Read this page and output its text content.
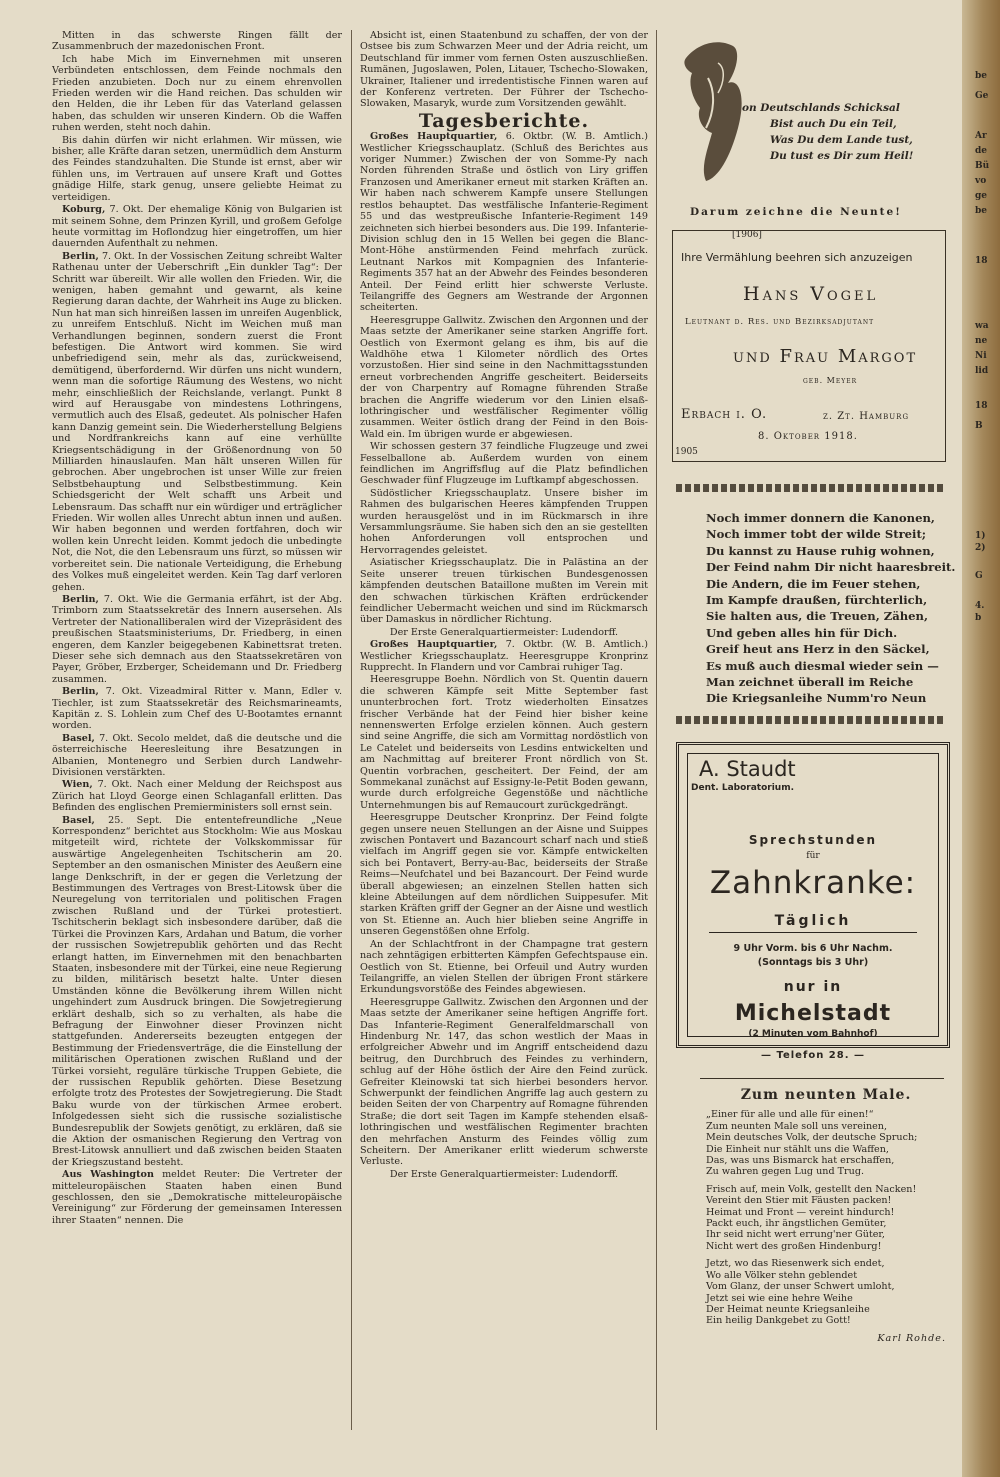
Mitten in das schwerste Ringen fällt der Zusammenbruch der mazedonischen Front.

Ich habe Mich im Einvernehmen mit unseren Verbündeten entschlossen, dem Feinde nochmals den Frieden anzubieten. Doch nur zu einem ehrenvollen Frieden werden wir die Hand reichen. Das schulden wir den Helden, die ihr Leben für das Vaterland gelassen haben, das schulden wir unseren Kindern. Ob die Waffen ruhen werden, steht noch dahin.

Bis dahin dürfen wir nicht erlahmen. Wir müssen, wie bisher, alle Kräfte daran setzen, unermüdlich dem Ansturm des Feindes standzuhalten. Die Stunde ist ernst, aber wir fühlen uns, im Vertrauen auf unsere Kraft und Gottes gnädige Hilfe, stark genug, unsere geliebte Heimat zu verteidigen.

Koburg, 7. Okt. Der ehemalige König von Bulgarien ist mit seinem Sohne, dem Prinzen Kyrill, und großem Gefolge heute vormittag im Hoflondzug hier eingetroffen, um hier dauernden Aufenthalt zu nehmen.

Berlin, 7. Okt. In der Vossischen Zeitung schreibt Walter Rathenau unter der Ueberschrift „Ein dunkler Tag“: Der Schritt war übereilt. Wir alle wollen den Frieden. Wir, die wenigen, haben gemahnt und gewarnt, als keine Regierung daran dachte, der Wahrheit ins Auge zu blicken. Nun hat man sich hinreißen lassen im unreifen Augenblick, zu unreifem Entschluß. Nicht im Weichen muß man Verhandlungen beginnen, sondern zuerst die Front befestigen. Die Antwort wird kommen. Sie wird unbefriedigend sein, mehr als das, zurückweisend, demütigend, überfordernd. Wir dürfen uns nicht wundern, wenn man die sofortige Räumung des Westens, wo nicht mehr, einschließlich der Reichslande, verlangt. Punkt 8 wird auf Herausgabe von mindestens Lothringens, vermutlich auch des Elsaß, gedeutet. Als polnischer Hafen kann Danzig gemeint sein. Die Wiederherstellung Belgiens und Nordfrankreichs kann auf eine verhüllte Kriegsentschädigung in der Größenordnung von 50 Milliarden hinauslaufen. Man hält unseren Willen für gebrochen. Aber ungebrochen ist unser Wille zur freien Selbstbehauptung und Selbstbestimmung. Kein Schiedsgericht der Welt schafft uns Arbeit und Lebensraum. Das schafft nur ein würdiger und erträglicher Frieden. Wir wollen alles Unrecht abtun innen und außen. Wir haben begonnen und werden fortfahren, doch wir wollen kein Unrecht leiden. Kommt jedoch die unbedingte Not, die Not, die den Lebensraum uns fürzt, so müssen wir vorbereitet sein. Die nationale Verteidigung, die Erhebung des Volkes muß eingeleitet werden. Kein Tag darf verloren gehen.

Berlin, 7. Okt. Wie die Germania erfährt, ist der Abg. Trimborn zum Staatssekretär des Innern ausersehen. Als Vertreter der Nationalliberalen wird der Vizepräsident des preußischen Staatsministeriums, Dr. Friedberg, in einen engeren, dem Kanzler beigegebenen Kabinettsrat treten. Dieser sehe sich demnach aus den Staatssekretären von Payer, Gröber, Erzberger, Scheidemann und Dr. Friedberg zusammen.

Berlin, 7. Okt. Vizeadmiral Ritter v. Mann, Edler v. Tiechler, ist zum Staatssekretär des Reichsmarineamts, Kapitän z. S. Lohlein zum Chef des U-Bootamtes ernannt worden.

Basel, 7. Okt. Secolo meldet, daß die deutsche und die österreichische Heeresleitung ihre Besatzungen in Albanien, Montenegro und Serbien durch Landwehr-Divisionen verstärkten.

Wien, 7. Okt. Nach einer Meldung der Reichspost aus Zürich hat Lloyd George einen Schlaganfall erlitten. Das Befinden des englischen Premierministers soll ernst sein.

Basel, 25. Sept. Die ententefreundliche „Neue Korrespondenz“ berichtet aus Stockholm: Wie aus Moskau mitgeteilt wird, richtete der Volkskommissar für auswärtige Angelegenheiten Tschitscherin am 20. September an den osmanischen Minister des Aeußern eine lange Denkschrift, in der er gegen die Verletzung der Bestimmungen des Vertrages von Brest-Litowsk über die Neuregelung von territorialen und politischen Fragen zwischen Rußland und der Türkei protestiert. Tschitscherin beklagt sich insbesondere darüber, daß die Türkei die Provinzen Kars, Ardahan und Batum, die vorher der russischen Sowjetrepublik gehörten und das Recht erlangt hatten, im Einvernehmen mit den benachbarten Staaten, insbesondere mit der Türkei, eine neue Regierung zu bilden, militärisch besetzt halte. Unter diesen Umständen könne die Bevölkerung ihrem Willen nicht ungehindert zum Ausdruck bringen. Die Sowjetregierung erklärt deshalb, sich so zu verhalten, als habe die Befragung der Einwohner dieser Provinzen nicht stattgefunden. Andererseits bezeugten entgegen der Bestimmung der Friedensverträge, die die Einstellung der militärischen Operationen zwischen Rußland und der Türkei vorsieht, reguläre türkische Truppen Gebiete, die der russischen Republik gehörten. Diese Besetzung erfolgte trotz des Protestes der Sowjetregierung. Die Stadt Baku wurde von der türkischen Armee erobert. Infolgedessen sieht sich die russische sozialistische Bundesrepublik der Sowjets genötigt, zu erklären, daß sie die Aktion der osmanischen Regierung den Vertrag von Brest-Litowsk annulliert und daß zwischen beiden Staaten der Kriegszustand besteht.

Aus Washington meldet Reuter: Die Vertreter der mitteleuropäischen Staaten haben einen Bund geschlossen, den sie „Demokratische mitteleuropäische Vereinigung“ zur Förderung der gemeinsamen Interessen ihrer Staaten“ nennen. Die

Absicht ist, einen Staatenbund zu schaffen, der von der Ostsee bis zum Schwarzen Meer und der Adria reicht, um Deutschland für immer vom fernen Osten auszuschließen. Rumänen, Jugoslawen, Polen, Litauer, Tschecho-Slowaken, Ukrainer, Italiener und irredentistische Finnen waren auf der Konferenz vertreten. Der Führer der Tschecho-Slowaken, Masaryk, wurde zum Vorsitzenden gewählt.

Tagesberichte.

Großes Hauptquartier, 6. Oktbr. (W. B. Amtlich.) Westlicher Kriegsschauplatz. (Schluß des Berichtes aus voriger Nummer.) Zwischen der von Somme-Py nach Norden führenden Straße und östlich von Liry griffen Franzosen und Amerikaner erneut mit starken Kräften an. Wir haben nach schwerem Kampfe unsere Stellungen restlos behauptet. Das westfälische Infanterie-Regiment 55 und das westpreußische Infanterie-Regiment 149 zeichneten sich hierbei besonders aus. Die 199. Infanterie-Division schlug den in 15 Wellen bei gegen die Blanc-Mont-Höhe anstürmenden Feind mehrfach zurück. Leutnant Narkos mit Kompagnien des Infanterie-Regiments 357 hat an der Abwehr des Feindes besonderen Anteil. Der Feind erlitt hier schwerste Verluste. Teilangriffe des Gegners am Westrande der Argonnen scheiterten.

Heeresgruppe Gallwitz. Zwischen den Argonnen und der Maas setzte der Amerikaner seine starken Angriffe fort. Oestlich von Exermont gelang es ihm, bis auf die Waldhöhe etwa 1 Kilometer nördlich des Ortes vorzustoßen. Hier sind seine in den Nachmittagsstunden erneut vorbrechenden Angriffe gescheitert. Beiderseits der von Charpentry auf Romagne führenden Straße brachen die Angriffe wiederum vor den Linien elsaß-lothringischer und westfälischer Regimenter völlig zusammen. Weiter östlich drang der Feind in den Bois-Wald ein. Im übrigen wurde er abgewiesen.

Wir schossen gestern 37 feindliche Flugzeuge und zwei Fesselballone ab. Außerdem wurden von einem feindlichen im Angriffsflug auf die Platz befindlichen Geschwader fünf Flugzeuge im Luftkampf abgeschossen.

Südöstlicher Kriegsschauplatz. Unsere bisher im Rahmen des bulgarischen Heeres kämpfenden Truppen wurden herausgelöst und in im Rückmarsch in ihre Versammlungsräume. Sie haben sich den an sie gestellten hohen Anforderungen voll entsprochen und Hervorragendes geleistet.

Asiatischer Kriegsschauplatz. Die in Palästina an der Seite unserer treuen türkischen Bundesgenossen kämpfenden deutschen Bataillone mußten im Verein mit den schwachen türkischen Kräften erdrückender feindlicher Uebermacht weichen und sind im Rückmarsch über Damaskus in nördlicher Richtung.

Der Erste Generalquartiermeister: Ludendorff.

Großes Hauptquartier, 7. Oktbr. (W. B. Amtlich.) Westlicher Kriegsschauplatz. Heeresgruppe Kronprinz Rupprecht. In Flandern und vor Cambrai ruhiger Tag.

Heeresgruppe Boehn. Nördlich von St. Quentin dauern die schweren Kämpfe seit Mitte September fast ununterbrochen fort. Trotz wiederholten Einsatzes frischer Verbände hat der Feind hier bisher keine nennenswerten Erfolge erzielen können. Auch gestern sind seine Angriffe, die sich am Vormittag nordöstlich von Le Catelet und beiderseits von Lesdins entwickelten und am Nachmittag auf breiterer Front nördlich von St. Quentin vorbrachen, gescheitert. Der Feind, der am Sommekanal zunächst auf Essigny-le-Petit Boden gewann, wurde durch erfolgreiche Gegenstöße und nächtliche Unternehmungen bis auf Remaucourt zurückgedrängt.

Heeresgruppe Deutscher Kronprinz. Der Feind folgte gegen unsere neuen Stellungen an der Aisne und Suippes zwischen Pontavert und Bazancourt scharf nach und stieß vielfach im Angriff gegen sie vor. Kämpfe entwickelten sich bei Pontavert, Berry-au-Bac, beiderseits der Straße Reims—Neufchatel und bei Bazancourt. Der Feind wurde überall abgewiesen; an einzelnen Stellen hatten sich kleine Abteilungen auf dem nördlichen Suippesufer. Mit starken Kräften griff der Gegner an der Aisne und westlich von St. Etienne an. Auch hier blieben seine Angriffe in unseren Gegenstößen ohne Erfolg.

An der Schlachtfront in der Champagne trat gestern nach zehntägigen erbitterten Kämpfen Gefechtspause ein. Oestlich von St. Etienne, bei Orfeuil und Autry wurden Teilangriffe, an vielen Stellen der übrigen Front stärkere Erkundungsvorstöße des Feindes abgewiesen.

Heeresgruppe Gallwitz. Zwischen den Argonnen und der Maas setzte der Amerikaner seine heftigen Angriffe fort. Das Infanterie-Regiment Generalfeldmarschall von Hindenburg Nr. 147, das schon westlich der Maas in erfolgreicher Abwehr und im Angriff entscheidend dazu beitrug, den Durchbruch des Feindes zu verhindern, schlug auf der Höhe östlich der Aire den Feind zurück. Gefreiter Kleinowski tat sich hierbei besonders hervor. Schwerpunkt der feindlichen Angriffe lag auch gestern zu beiden Seiten der von Charpentry auf Romagne führenden Straße; die dort seit Tagen im Kampfe stehenden elsaß-lothringischen und westfälischen Regimenter brachten den mehrfachen Ansturm des Feindes völlig zum Scheitern. Der Amerikaner erlitt wiederum schwerste Verluste.

Der Erste Generalquartiermeister: Ludendorff.

on Deutschlands Schicksal
Bist auch Du ein Teil,
Was Du dem Lande tust,
Du tust es Dir zum Heil!
Darum zeichne die Neunte!
[1906]
Ihre Vermählung beehren sich anzuzeigen
Hans Vogel
Leutnant d. Res. und Bezirksadjutant
und Frau Margot
geb. Meyer
Erbach i. O.	z. Zt. Hamburg
8. Oktober 1918.
1905
Noch immer donnern die Kanonen,
Noch immer tobt der wilde Streit;
Du kannst zu Hause ruhig wohnen,
Der Feind nahm Dir nicht haaresbreit.
Die Andern, die im Feuer stehen,
Im Kampfe draußen, fürchterlich,
Sie halten aus, die Treuen, Zähen,
Und geben alles hin für Dich.
Greif heut ans Herz in den Säckel,
Es muß auch diesmal wieder sein —
Man zeichnet überall im Reiche
Die Kriegsanleihe Numm'ro Neun
A. Staudt
Dent. Laboratorium.
Sprechstunden
für
Zahnkranke:
Täglich
9 Uhr Vorm. bis 6 Uhr Nachm.
(Sonntags bis 3 Uhr)
nur in
Michelstadt
(2 Minuten vom Bahnhof)
— Telefon 28. —
Zum neunten Male.
„Einer für alle und alle für einen!“
Zum neunten Male soll uns vereinen,
Mein deutsches Volk, der deutsche Spruch;
Die Einheit nur stählt uns die Waffen,
Das, was uns Bismarck hat erschaffen,
Zu wahren gegen Lug und Trug.
Frisch auf, mein Volk, gestellt den Nacken!
Vereint den Stier mit Fäusten packen!
Heimat und Front — vereint hindurch!
Packt euch, ihr ängstlichen Gemüter,
Ihr seid nicht wert errung'ner Güter,
Nicht wert des großen Hindenburg!
Jetzt, wo das Riesenwerk sich endet,
Wo alle Völker stehn geblendet
Vom Glanz, der unser Schwert umloht,
Jetzt sei wie eine hehre Weihe
Der Heimat neunte Kriegsanleihe
Ein heilig Dankgebet zu Gott!
Karl Rohde.
be
Ge
Ar
de
Bü
vo
ge
be
18
wa
ne
Ni
lid
18
B
1)
2)
G
4.
b
